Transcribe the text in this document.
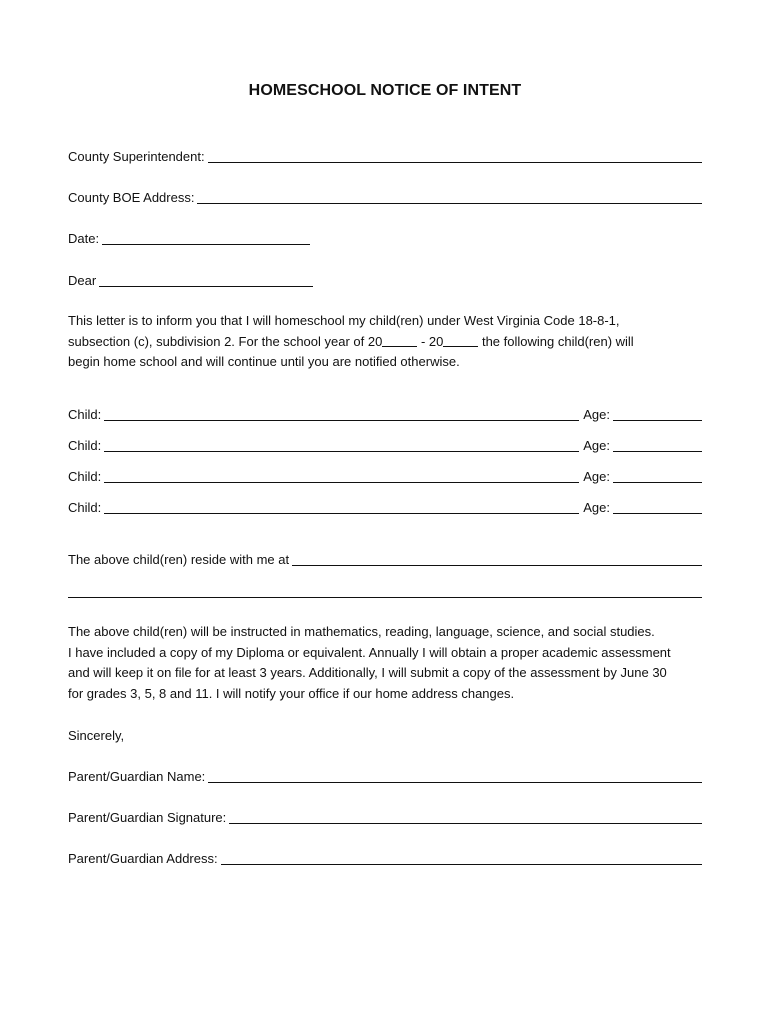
HOMESCHOOL NOTICE OF INTENT
County Superintendent:
County BOE Address:
Date:
Dear
This letter is to inform you that I will homeschool my child(ren) under West Virginia Code 18-8-1,
subsection (c), subdivision 2. For the school year of 20	- 20	the following child(ren) will
begin home school and will continue until you are notified otherwise.
Child:	Age:
Child:	Age:
Child:	Age:
Child:	Age:
The above child(ren) reside with me at
The above child(ren) will be instructed in mathematics, reading, language, science, and social studies.
I have included a copy of my Diploma or equivalent. Annually I will obtain a proper academic assessment
and will keep it on file for at least 3 years. Additionally, I will submit a copy of the assessment by June 30
for grades 3, 5, 8 and 11. I will notify your office if our home address changes.
Sincerely,
Parent/Guardian Name:
Parent/Guardian Signature:
Parent/Guardian Address:
